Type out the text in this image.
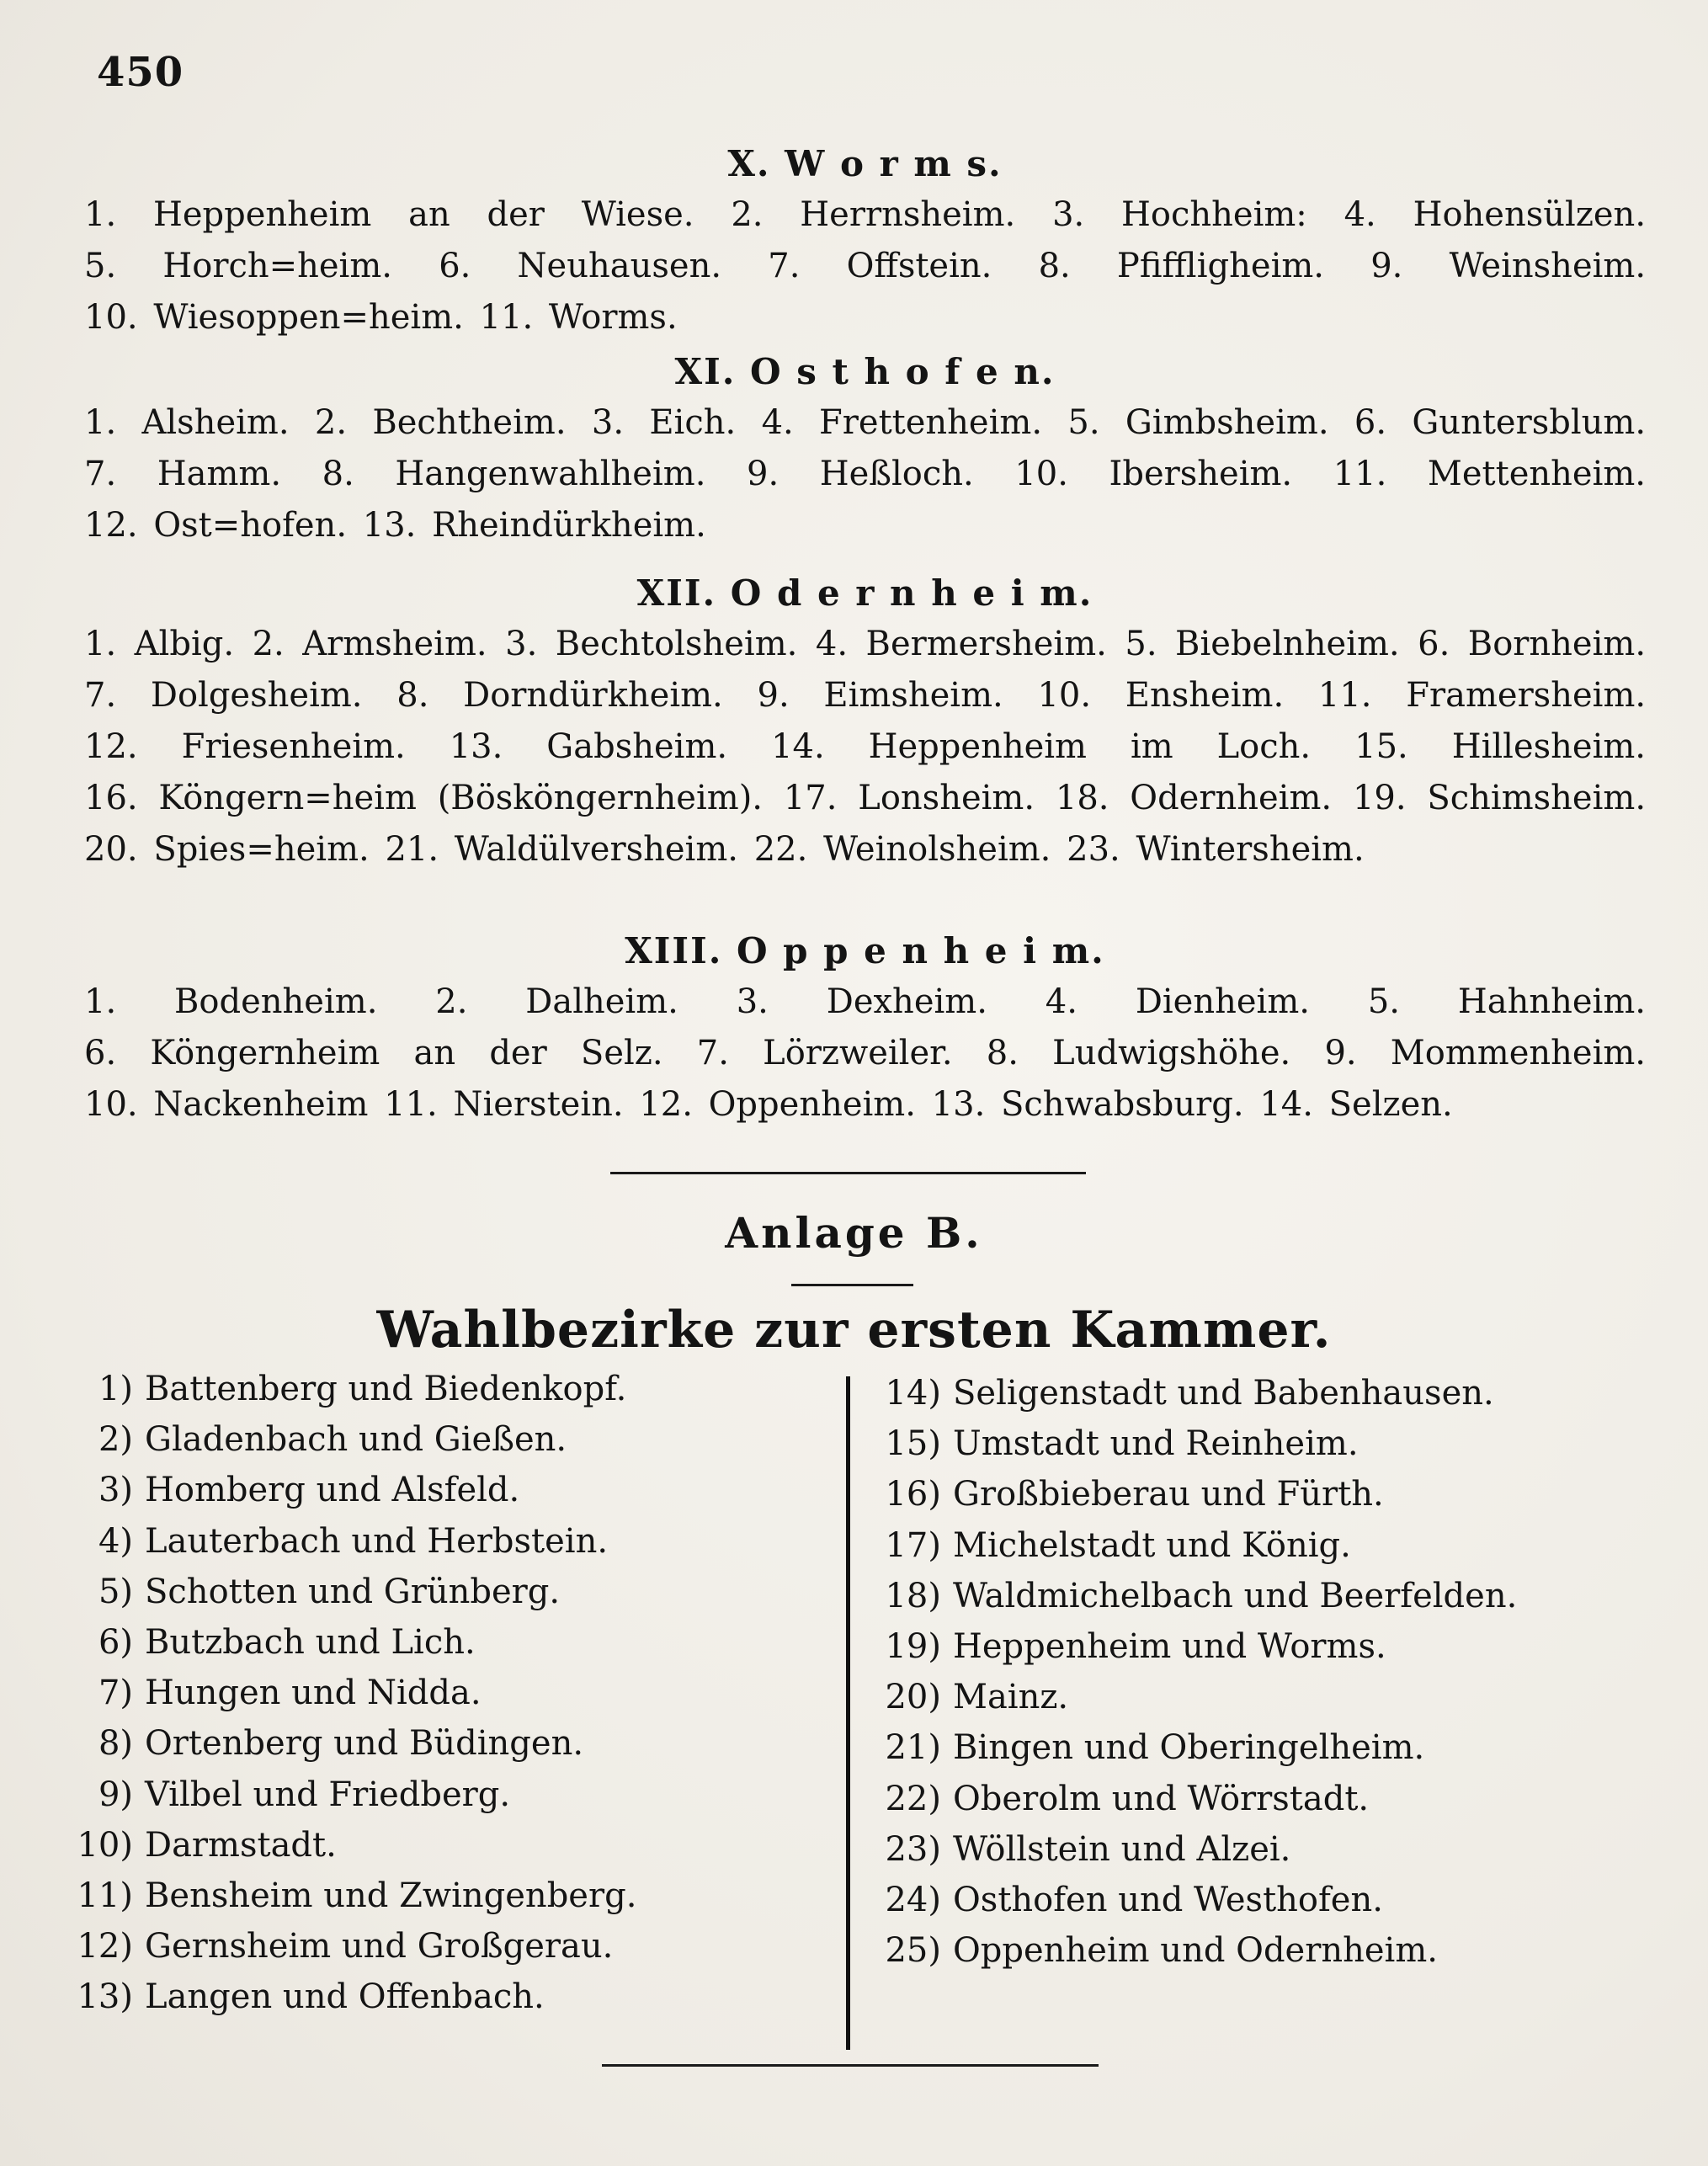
450
X. W o r m s.
1. Heppenheim an der Wiese. 2. Herrnsheim. 3. Hochheim: 4. Hohensülzen. 5. Horch=heim. 6. Neuhausen. 7. Offstein. 8. Pfiffligheim. 9. Weinsheim. 10. Wiesoppen=heim. 11. Worms.
XI. O s t h o f e n.
1. Alsheim. 2. Bechtheim. 3. Eich. 4. Frettenheim. 5. Gimbsheim. 6. Guntersblum. 7. Hamm. 8. Hangenwahlheim. 9. Heßloch. 10. Ibersheim. 11. Mettenheim. 12. Ost=hofen. 13. Rheindürkheim.
XII. O d e r n h e i m.
1. Albig. 2. Armsheim. 3. Bechtolsheim. 4. Bermersheim. 5. Biebelnheim. 6. Bornheim. 7. Dolgesheim. 8. Dorndürkheim. 9. Eimsheim. 10. Ensheim. 11. Framersheim. 12. Friesenheim. 13. Gabsheim. 14. Heppenheim im Loch. 15. Hillesheim. 16. Köngern=heim (Bösköngernheim). 17. Lonsheim. 18. Odernheim. 19. Schimsheim. 20. Spies=heim. 21. Waldülversheim. 22. Weinolsheim. 23. Wintersheim.
XIII. O p p e n h e i m.
1. Bodenheim. 2. Dalheim. 3. Dexheim. 4. Dienheim. 5. Hahnheim. 6. Köngernheim an der Selz. 7. Lörzweiler. 8. Ludwigshöhe. 9. Mommenheim. 10. Nackenheim 11. Nierstein. 12. Oppenheim. 13. Schwabsburg. 14. Selzen.
Anlage B.
Wahlbezirke zur ersten Kammer.
1) Battenberg und Biedenkopf.
2) Gladenbach und Gießen.
3) Homberg und Alsfeld.
4) Lauterbach und Herbstein.
5) Schotten und Grünberg.
6) Butzbach und Lich.
7) Hungen und Nidda.
8) Ortenberg und Büdingen.
9) Vilbel und Friedberg.
10) Darmstadt.
11) Bensheim und Zwingenberg.
12) Gernsheim und Großgerau.
13) Langen und Offenbach.
14) Seligenstadt und Babenhausen.
15) Umstadt und Reinheim.
16) Großbieberau und Fürth.
17) Michelstadt und König.
18) Waldmichelbach und Beerfelden.
19) Heppenheim und Worms.
20) Mainz.
21) Bingen und Oberingelheim.
22) Oberolm und Wörrstadt.
23) Wöllstein und Alzei.
24) Osthofen und Westhofen.
25) Oppenheim und Odernheim.
